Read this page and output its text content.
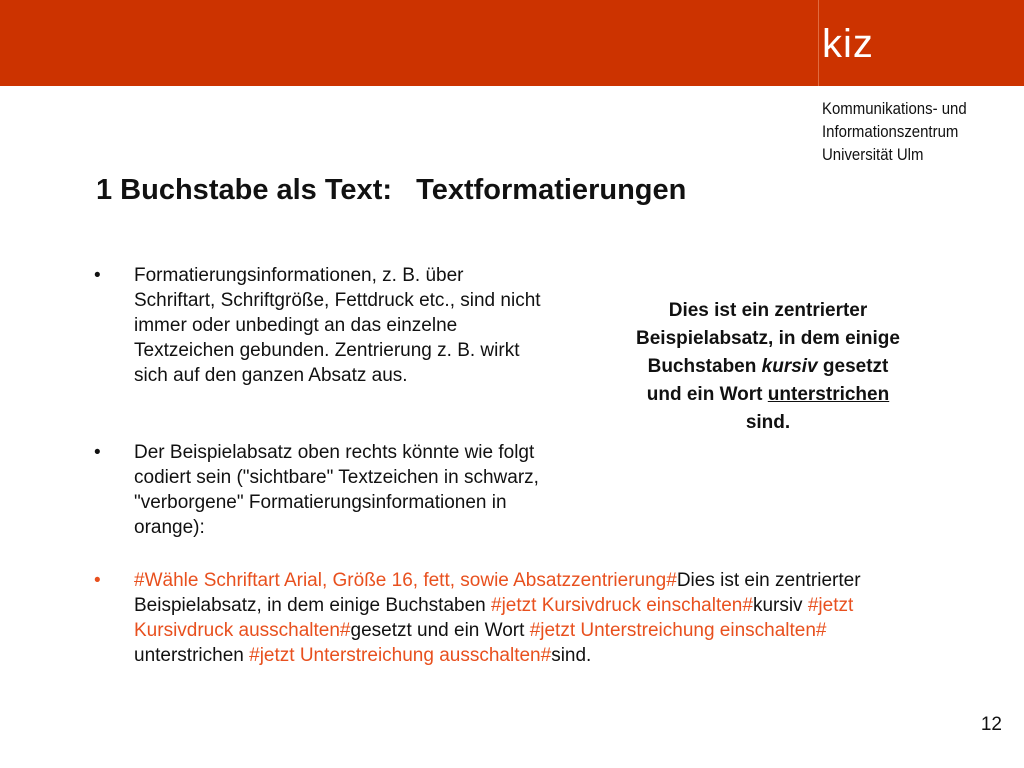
kiz
Kommunikations- und
Informationszentrum
Universität Ulm
1 Buchstabe als Text:   Textformatierungen
•	Formatierungsinformationen, z. B. über Schriftart, Schriftgröße, Fettdruck etc., sind nicht immer oder unbedingt an das einzelne Textzeichen gebunden. Zentrierung z. B. wirkt sich auf den ganzen Absatz aus.
•	Der Beispielabsatz oben rechts könnte wie folgt codiert sein ("sichtbare" Textzeichen in schwarz, "verborgene" Formatierungsinformationen in orange):
•	#Wähle Schriftart Arial, Größe 16, fett, sowie Absatzzentrierung#Dies ist ein zentrierter Beispielabsatz, in dem einige Buchstaben #jetzt Kursivdruck einschalten#kursiv #jetzt Kursivdruck ausschalten#gesetzt und ein Wort #jetzt Unterstreichung einschalten# unterstrichen #jetzt Unterstreichung ausschalten#sind.
Dies ist ein zentrierter Beispielabsatz, in dem einige Buchstaben kursiv gesetzt und ein Wort unterstrichen sind.
12
